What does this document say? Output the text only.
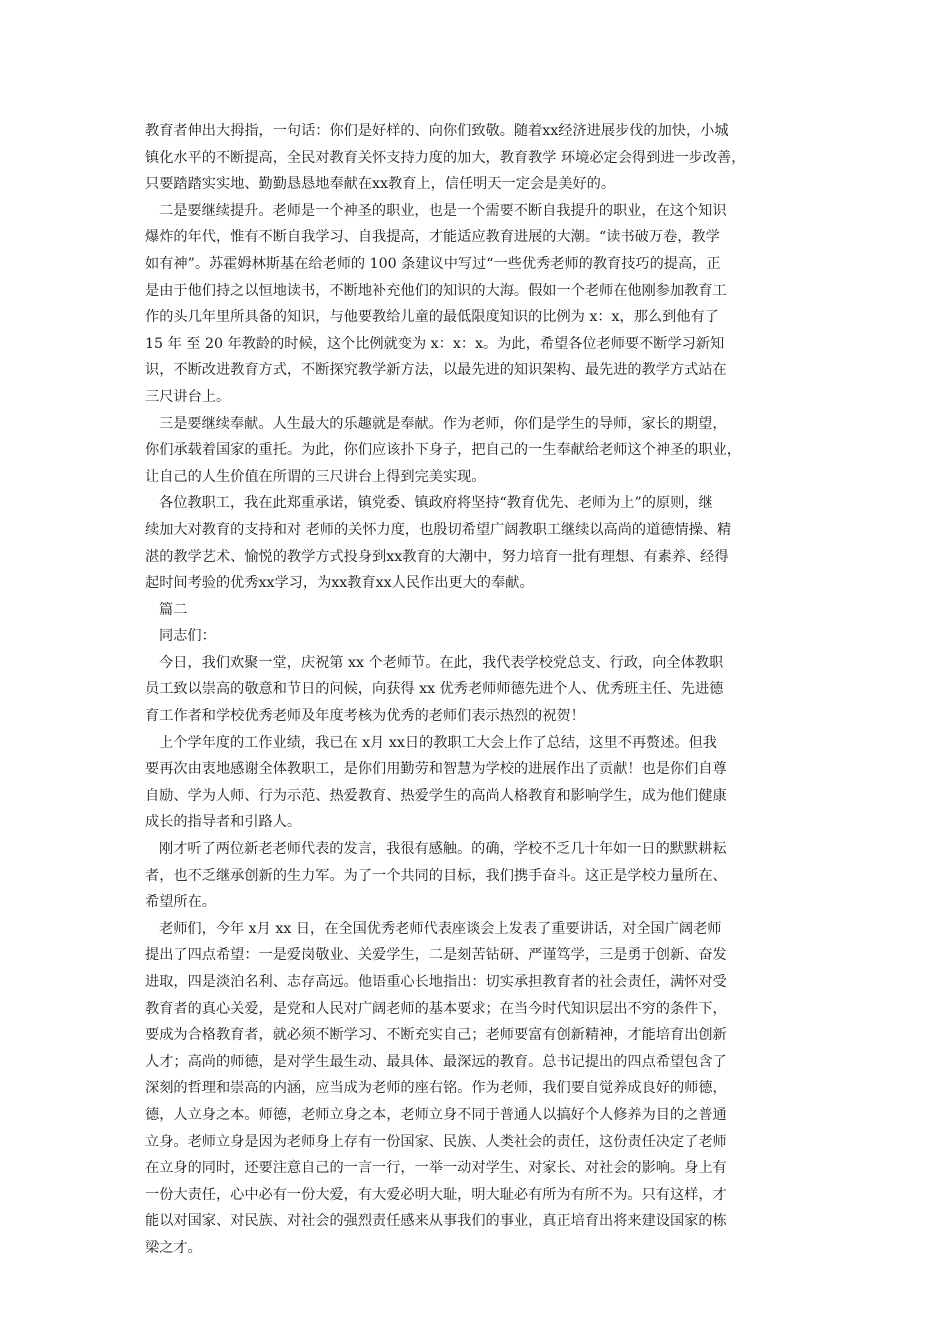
教育者伸出大拇指，一句话：你们是好样的、向你们致敬。随着xx经济进展步伐的加快，小城
镇化水平的不断提高，全民对教育关怀支持力度的加大，教育教学 环境必定会得到进一步改善，
只要踏踏实实地、勤勤恳恳地奉献在xx教育上，信任明天一定会是美好的。
二是要继续提升。老师是一个神圣的职业，也是一个需要不断自我提升的职业，在这个知识
爆炸的年代，惟有不断自我学习、自我提高，才能适应教育进展的大潮。“读书破万卷，教学
如有神”。苏霍姆林斯基在给老师的 100 条建议中写过“一些优秀老师的教育技巧的提高，正
是由于他们持之以恒地读书，不断地补充他们的知识的大海。假如一个老师在他刚参加教育工
作的头几年里所具备的知识，与他要教给儿童的最低限度知识的比例为 x：x，那么到他有了
15 年 至 20 年教龄的时候，这个比例就变为 x：x：x。为此，希望各位老师要不断学习新知
识，不断改进教育方式，不断探究教学新方法，以最先进的知识架构、最先进的教学方式站在
三尺讲台上。
三是要继续奉献。人生最大的乐趣就是奉献。作为老师，你们是学生的导师，家长的期望，
你们承载着国家的重托。为此，你们应该扑下身子，把自己的一生奉献给老师这个神圣的职业，
让自己的人生价值在所谓的三尺讲台上得到完美实现。
各位教职工，我在此郑重承诺，镇党委、镇政府将坚持“教育优先、老师为上”的原则，继
续加大对教育的支持和对 老师的关怀力度，也殷切希望广阔教职工继续以高尚的道德情操、精
湛的教学艺术、愉悦的教学方式投身到xx教育的大潮中，努力培育一批有理想、有素养、经得
起时间考验的优秀xx学习，为xx教育xx人民作出更大的奉献。
篇二
同志们：
今日，我们欢聚一堂，庆祝第 xx 个老师节。在此，我代表学校党总支、行政，向全体教职
员工致以崇高的敬意和节日的问候，向获得 xx 优秀老师师德先进个人、优秀班主任、先进德
育工作者和学校优秀老师及年度考核为优秀的老师们表示热烈的祝贺！
上个学年度的工作业绩，我已在 x月 xx日的教职工大会上作了总结，这里不再赘述。但我
要再次由衷地感谢全体教职工，是你们用勤劳和智慧为学校的进展作出了贡献！也是你们自尊
自励、学为人师、行为示范、热爱教育、热爱学生的高尚人格教育和影响学生，成为他们健康
成长的指导者和引路人。
刚才听了两位新老老师代表的发言，我很有感触。的确，学校不乏几十年如一日的默默耕耘
者，也不乏继承创新的生力军。为了一个共同的目标，我们携手奋斗。这正是学校力量所在、
希望所在。
老师们，今年 x月 xx 日，在全国优秀老师代表座谈会上发表了重要讲话，对全国广阔老师
提出了四点希望：一是爱岗敬业、关爱学生，二是刻苦钻研、严谨笃学，三是勇于创新、奋发
进取，四是淡泊名利、志存高远。他语重心长地指出：切实承担教育者的社会责任，满怀对受
教育者的真心关爱，是党和人民对广阔老师的基本要求；在当今时代知识层出不穷的条件下，
要成为合格教育者，就必须不断学习、不断充实自己；老师要富有创新精神，才能培育出创新
人才；高尚的师德，是对学生最生动、最具体、最深远的教育。总书记提出的四点希望包含了
深刻的哲理和崇高的内涵，应当成为老师的座右铭。作为老师，我们要自觉养成良好的师德，
德，人立身之本。师德，老师立身之本，老师立身不同于普通人以搞好个人修养为目的之普通
立身。老师立身是因为老师身上存有一份国家、民族、人类社会的责任，这份责任决定了老师
在立身的同时，还要注意自己的一言一行，一举一动对学生、对家长、对社会的影响。身上有
一份大责任，心中必有一份大爱，有大爱必明大耻，明大耻必有所为有所不为。只有这样，才
能以对国家、对民族、对社会的强烈责任感来从事我们的事业，真正培育出将来建设国家的栋
梁之才。
